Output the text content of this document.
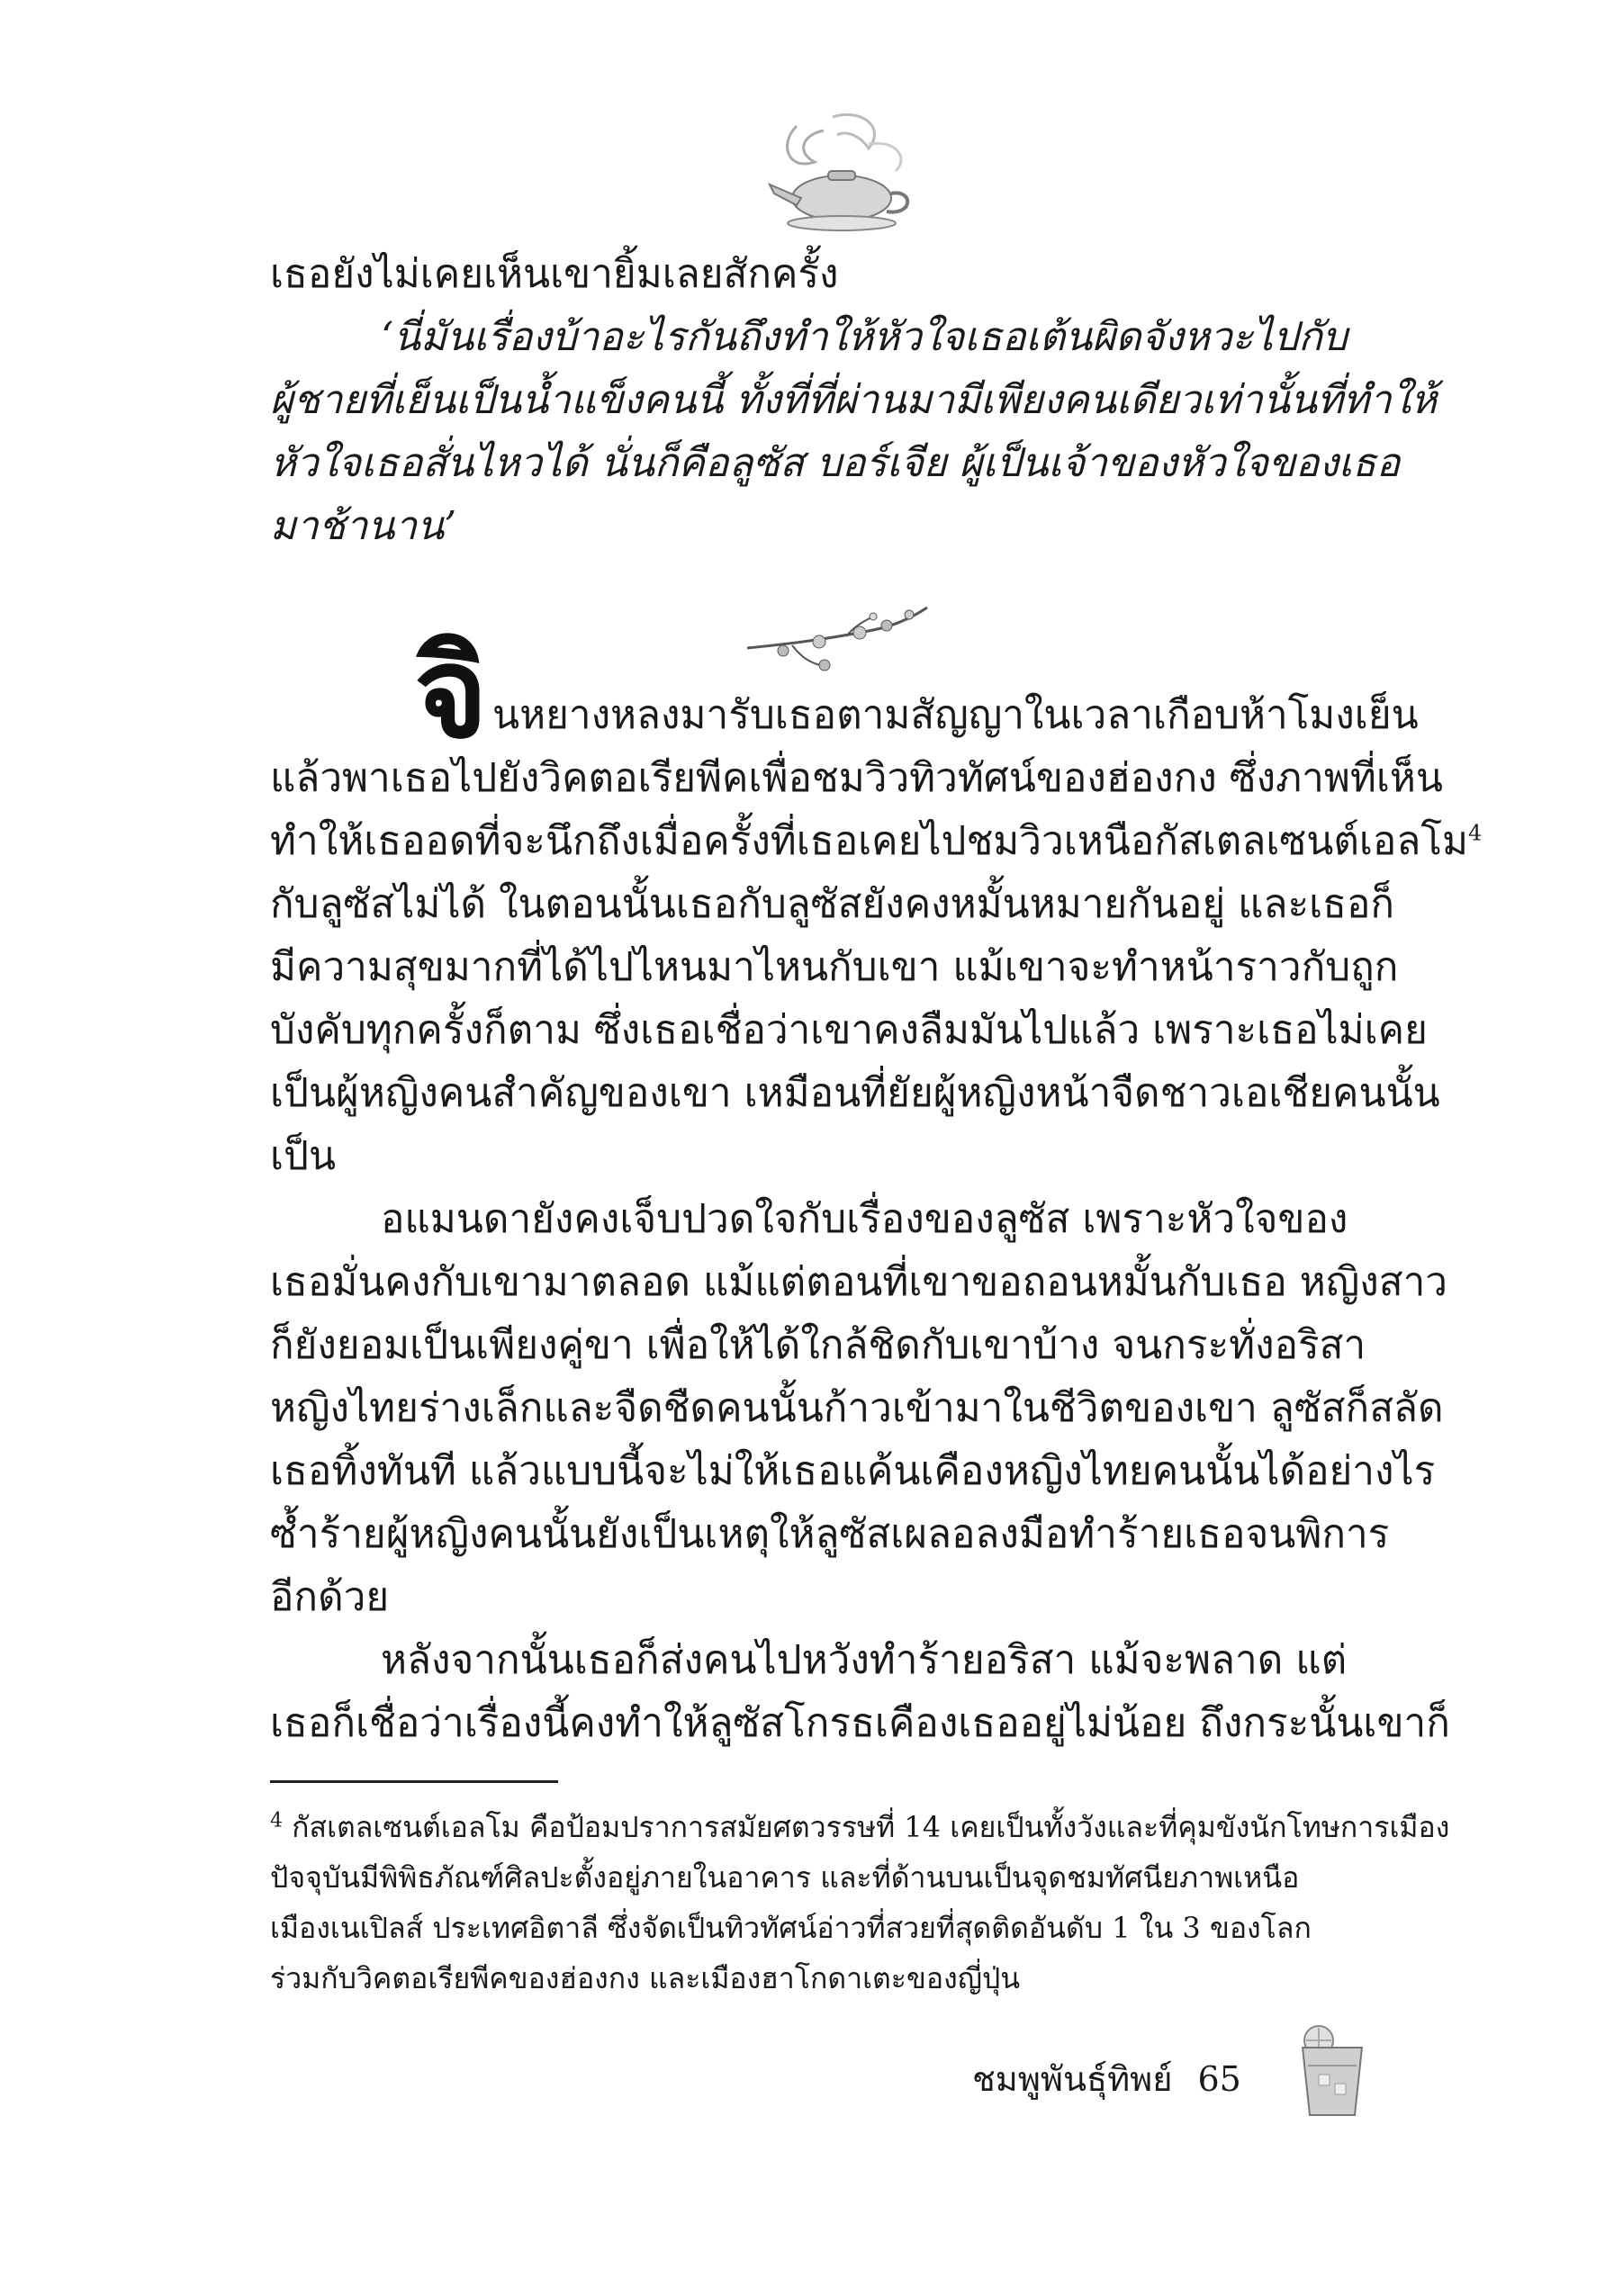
เธอยังไม่เคยเห็นเขายิ้มเลยสักครั้ง
‘นี่มันเรื่องบ้าอะไรกันถึงทำให้หัวใจเธอเต้นผิดจังหวะไปกับ
ผู้ชายที่เย็นเป็นน้ำแข็งคนนี้ ทั้งที่ที่ผ่านมามีเพียงคนเดียวเท่านั้นที่ทำให้
หัวใจเธอสั่นไหวได้ นั่นก็คือลูซัส บอร์เจีย ผู้เป็นเจ้าของหัวใจของเธอ
มาช้านาน’
จิ นหยางหลงมารับเธอตามสัญญาในเวลาเกือบห้าโมงเย็น
แล้วพาเธอไปยังวิคตอเรียพีคเพื่อชมวิวทิวทัศน์ของฮ่องกง ซึ่งภาพที่เห็น
ทำให้เธออดที่จะนึกถึงเมื่อครั้งที่เธอเคยไปชมวิวเหนือกัสเตลเซนต์เอลโม$^4$
กับลูซัสไม่ได้ ในตอนนั้นเธอกับลูซัสยังคงหมั้นหมายกันอยู่ และเธอก็
มีความสุขมากที่ได้ไปไหนมาไหนกับเขา แม้เขาจะทำหน้าราวกับถูก
บังคับทุกครั้งก็ตาม ซึ่งเธอเชื่อว่าเขาคงลืมมันไปแล้ว เพราะเธอไม่เคย
เป็นผู้หญิงคนสำคัญของเขา เหมือนที่ยัยผู้หญิงหน้าจืดชาวเอเชียคนนั้น
เป็น
อแมนดายังคงเจ็บปวดใจกับเรื่องของลูซัส เพราะหัวใจของ
เธอมั่นคงกับเขามาตลอด แม้แต่ตอนที่เขาขอถอนหมั้นกับเธอ หญิงสาว
ก็ยังยอมเป็นเพียงคู่ขา เพื่อให้ได้ใกล้ชิดกับเขาบ้าง จนกระทั่งอริสา
หญิงไทยร่างเล็กและจืดชืดคนนั้นก้าวเข้ามาในชีวิตของเขา ลูซัสก็สลัด
เธอทิ้งทันที แล้วแบบนี้จะไม่ให้เธอแค้นเคืองหญิงไทยคนนั้นได้อย่างไร
ซ้ำร้ายผู้หญิงคนนั้นยังเป็นเหตุให้ลูซัสเผลอลงมือทำร้ายเธอจนพิการ
อีกด้วย
หลังจากนั้นเธอก็ส่งคนไปหวังทำร้ายอริสา แม้จะพลาด แต่
เธอก็เชื่อว่าเรื่องนี้คงทำให้ลูซัสโกรธเคืองเธออยู่ไม่น้อย ถึงกระนั้นเขาก็
$^4$ กัสเตลเซนต์เอลโม คือป้อมปราการสมัยศตวรรษที่ 14 เคยเป็นทั้งวังและที่คุมขังนักโทษการเมือง
ปัจจุบันมีพิพิธภัณฑ์ศิลปะตั้งอยู่ภายในอาคาร และที่ด้านบนเป็นจุดชมทัศนียภาพเหนือ
เมืองเนเปิลส์ ประเทศอิตาลี ซึ่งจัดเป็นทิวทัศน์อ่าวที่สวยที่สุดติดอันดับ 1 ใน 3 ของโลก
ร่วมกับวิคตอเรียพีคของฮ่องกง และเมืองฮาโกดาเตะของญี่ปุ่น
ชมพูพันธุ์ทิพย์ 65
